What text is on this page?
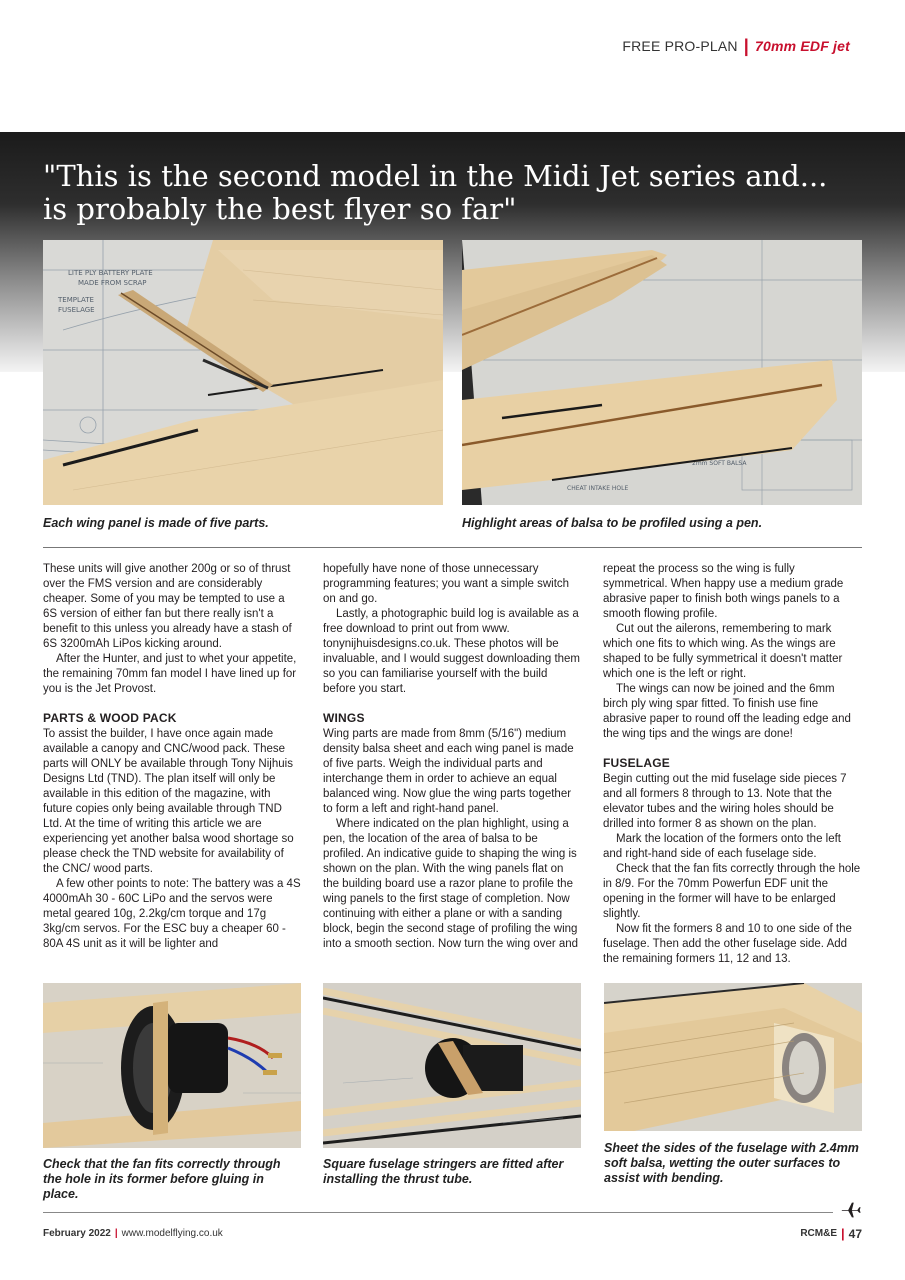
FREE PRO-PLAN | 70mm EDF jet
"This is the second model in the Midi Jet series and...
is probably the best flyer so far"
LITE PLY BATTERY PLATE
MADE FROM SCRAP
TEMPLATE
FUSELAGE
2mm SOFT BALSA
CHEAT INTAKE HOLE
Each wing panel is made of five parts.	Highlight areas of balsa to be profiled using a pen.

These units will give another 200g or so of thrust over the FMS version and are considerably cheaper. Some of you may be tempted to use a 6S version of either fan but there really isn't a benefit to this unless you already have a stash of 6S 3200mAh LiPos kicking around.

After the Hunter, and just to whet your appetite, the remaining 70mm fan model I have lined up for you is the Jet Provost.

PARTS & WOOD PACK

To assist the builder, I have once again made available a canopy and CNC/wood pack. These parts will ONLY be available through Tony Nijhuis Designs Ltd (TND). The plan itself will only be available in this edition of the magazine, with future copies only being available through TND Ltd. At the time of writing this article we are experiencing yet another balsa wood shortage so please check the TND website for availability of the CNC/ wood parts.

A few other points to note: The battery was a 4S 4000mAh 30 - 60C LiPo and the servos were metal geared 10g, 2.2kg/cm torque and 17g 3kg/cm servos. For the ESC buy a cheaper 60 - 80A 4S unit as it will be lighter and

hopefully have none of those unnecessary programming features; you want a simple switch on and go.

Lastly, a photographic build log is available as a free download to print out from www. tonynijhuisdesigns.co.uk. These photos will be invaluable, and I would suggest downloading them so you can familiarise yourself with the build before you start.

WINGS

Wing parts are made from 8mm (5/16") medium density balsa sheet and each wing panel is made of five parts. Weigh the individual parts and interchange them in order to achieve an equal balanced wing. Now glue the wing parts together to form a left and right-hand panel.

Where indicated on the plan highlight, using a pen, the location of the area of balsa to be profiled. An indicative guide to shaping the wing is shown on the plan. With the wing panels flat on the building board use a razor plane to profile the wing panels to the first stage of completion. Now continuing with either a plane or with a sanding block, begin the second stage of profiling the wing into a smooth section. Now turn the wing over and

repeat the process so the wing is fully symmetrical. When happy use a medium grade abrasive paper to finish both wings panels to a smooth flowing profile.

Cut out the ailerons, remembering to mark which one fits to which wing. As the wings are shaped to be fully symmetrical it doesn't matter which one is the left or right.

The wings can now be joined and the 6mm birch ply wing spar fitted. To finish use fine abrasive paper to round off the leading edge and the wing tips and the wings are done!

FUSELAGE

Begin cutting out the mid fuselage side pieces 7 and all formers 8 through to 13. Note that the elevator tubes and the wiring holes should be drilled into former 8 as shown on the plan.

Mark the location of the formers onto the left and right-hand side of each fuselage side.

Check that the fan fits correctly through the hole in 8/9. For the 70mm Powerfun EDF unit the opening in the former will have to be enlarged slightly.

Now fit the formers 8 and 10 to one side of the fuselage. Then add the other fuselage side. Add the remaining formers 11, 12 and 13.

Check that the fan fits correctly through the hole in its former before gluing in place.
Square fuselage stringers are fitted after installing the thrust tube.
Sheet the sides of the fuselage with 2.4mm soft balsa, wetting the outer surfaces to assist with bending.
February 2022 | www.modelflying.co.uk	RCM&E | 47
